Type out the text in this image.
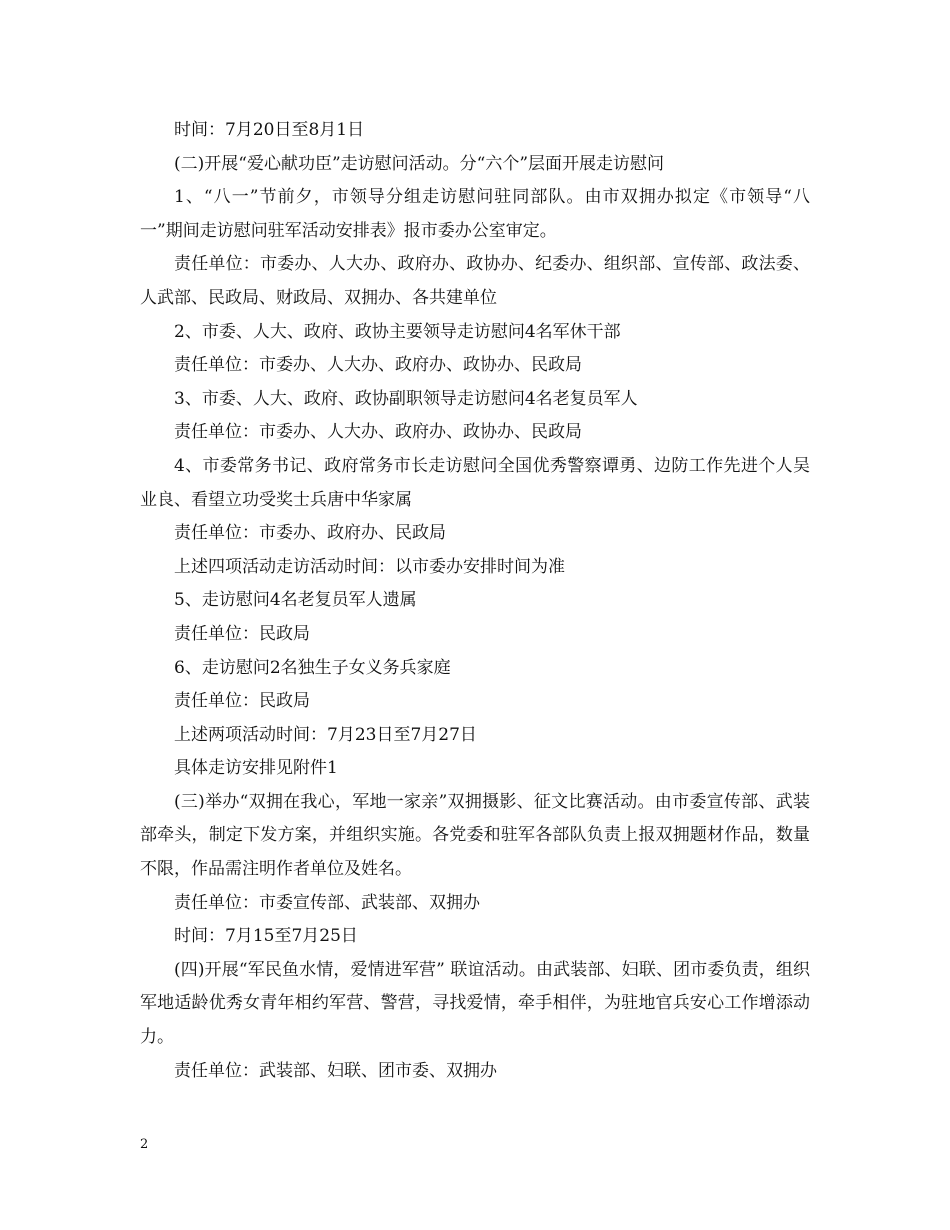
时间：7月20日至8月1日

(二)开展“爱心献功臣”走访慰问活动。分“六个”层面开展走访慰问

1、“八一”节前夕，市领导分组走访慰问驻同部队。由市双拥办拟定《市领导“八一”期间走访慰问驻军活动安排表》报市委办公室审定。

责任单位：市委办、人大办、政府办、政协办、纪委办、组织部、宣传部、政法委、人武部、民政局、财政局、双拥办、各共建单位

2、市委、人大、政府、政协主要领导走访慰问4名军休干部

责任单位：市委办、人大办、政府办、政协办、民政局

3、市委、人大、政府、政协副职领导走访慰问4名老复员军人

责任单位：市委办、人大办、政府办、政协办、民政局

4、市委常务书记、政府常务市长走访慰问全国优秀警察谭勇、边防工作先进个人吴业良、看望立功受奖士兵唐中华家属

责任单位：市委办、政府办、民政局

上述四项活动走访活动时间：以市委办安排时间为准

5、走访慰问4名老复员军人遗属

责任单位：民政局

6、走访慰问2名独生子女义务兵家庭

责任单位：民政局

上述两项活动时间：7月23日至7月27日

具体走访安排见附件1

(三)举办“双拥在我心，军地一家亲”双拥摄影、征文比赛活动。由市委宣传部、武装部牵头，制定下发方案，并组织实施。各党委和驻军各部队负责上报双拥题材作品，数量不限，作品需注明作者单位及姓名。

责任单位：市委宣传部、武装部、双拥办

时间：7月15至7月25日

(四)开展“军民鱼水情，爱情进军营” 联谊活动。由武装部、妇联、团市委负责，组织军地适龄优秀女青年相约军营、警营，寻找爱情，牵手相伴，为驻地官兵安心工作增添动力。

责任单位：武装部、妇联、团市委、双拥办

2
